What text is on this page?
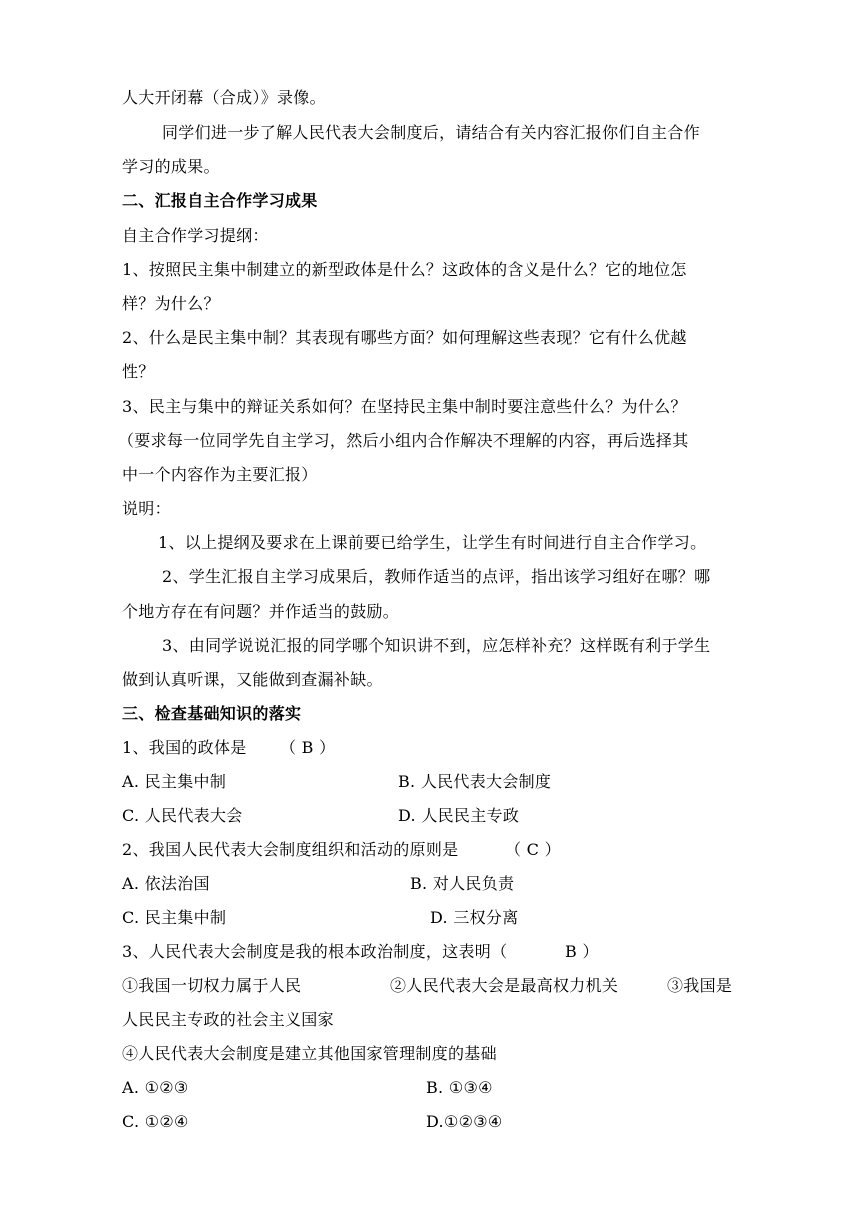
人大开闭幕（合成）》录像。
同学们进一步了解人民代表大会制度后，请结合有关内容汇报你们自主合作
学习的成果。
二、汇报自主合作学习成果
自主合作学习提纲：
1、按照民主集中制建立的新型政体是什么？这政体的含义是什么？它的地位怎
样？为什么？
2、什么是民主集中制？其表现有哪些方面？如何理解这些表现？它有什么优越
性？
3、民主与集中的辩证关系如何？在坚持民主集中制时要注意些什么？为什么？
（要求每一位同学先自主学习，然后小组内合作解决不理解的内容，再后选择其
中一个内容作为主要汇报）
说明：
1、以上提纲及要求在上课前要已给学生，让学生有时间进行自主合作学习。
2、学生汇报自主学习成果后，教师作适当的点评，指出该学习组好在哪？哪
个地方存在有问题？并作适当的鼓励。
3、由同学说说汇报的同学哪个知识讲不到，应怎样补充？这样既有利于学生
做到认真听课，又能做到查漏补缺。
三、检查基础知识的落实
1、我国的政体是 （ B ）
A. 民主集中制	B. 人民代表大会制度
C. 人民代表大会	D. 人民民主专政
2、我国人民代表大会制度组织和活动的原则是	（ C ）
A. 依法治国	B. 对人民负责
C. 民主集中制	D. 三权分离
3、人民代表大会制度是我的根本政治制度，这表明（	B ）
①我国一切权力属于人民	②人民代表大会是最高权力机关	③我国是
人民民主专政的社会主义国家
④人民代表大会制度是建立其他国家管理制度的基础
A. ①②③	B. ①③④
C. ①②④	D.①②③④
